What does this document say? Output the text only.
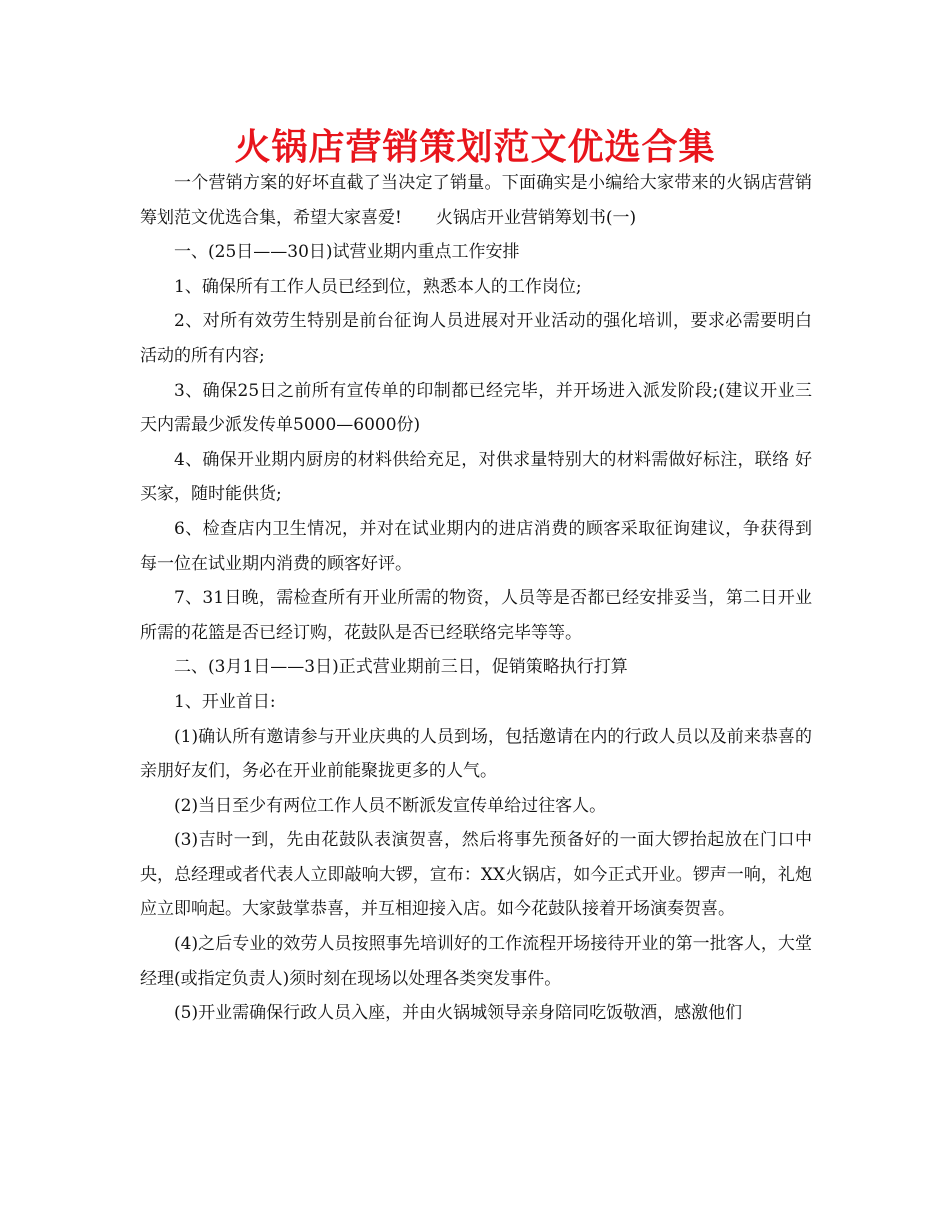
火锅店营销策划范文优选合集

一个营销方案的好坏直截了当决定了销量。下面确实是小编给大家带来的火锅店营销筹划范文优选合集，希望大家喜爱!　　火锅店开业营销筹划书(一)

一、(25日——30日)试营业期内重点工作安排

1、确保所有工作人员已经到位，熟悉本人的工作岗位;

2、对所有效劳生特别是前台征询人员进展对开业活动的强化培训，要求必需要明白活动的所有内容;

3、确保25日之前所有宣传单的印制都已经完毕，并开场进入派发阶段;(建议开业三天内需最少派发传单5000—6000份)

4、确保开业期内厨房的材料供给充足，对供求量特别大的材料需做好标注，联络 好买家，随时能供货;

6、检查店内卫生情况，并对在试业期内的进店消费的顾客采取征询建议，争获得到每一位在试业期内消费的顾客好评。

7、31日晚，需检查所有开业所需的物资，人员等是否都已经安排妥当，第二日开业所需的花篮是否已经订购，花鼓队是否已经联络完毕等等。

二、(3月1日——3日)正式营业期前三日，促销策略执行打算

1、开业首日:

(1)确认所有邀请参与开业庆典的人员到场，包括邀请在内的行政人员以及前来恭喜的亲朋好友们，务必在开业前能聚拢更多的人气。

(2)当日至少有两位工作人员不断派发宣传单给过往客人。

(3)吉时一到，先由花鼓队表演贺喜，然后将事先预备好的一面大锣抬起放在门口中央，总经理或者代表人立即敲响大锣，宣布：XX火锅店，如今正式开业。锣声一响，礼炮应立即响起。大家鼓掌恭喜，并互相迎接入店。如今花鼓队接着开场演奏贺喜。

(4)之后专业的效劳人员按照事先培训好的工作流程开场接待开业的第一批客人，大堂经理(或指定负责人)须时刻在现场以处理各类突发事件。

(5)开业需确保行政人员入座，并由火锅城领导亲身陪同吃饭敬酒，感激他们
